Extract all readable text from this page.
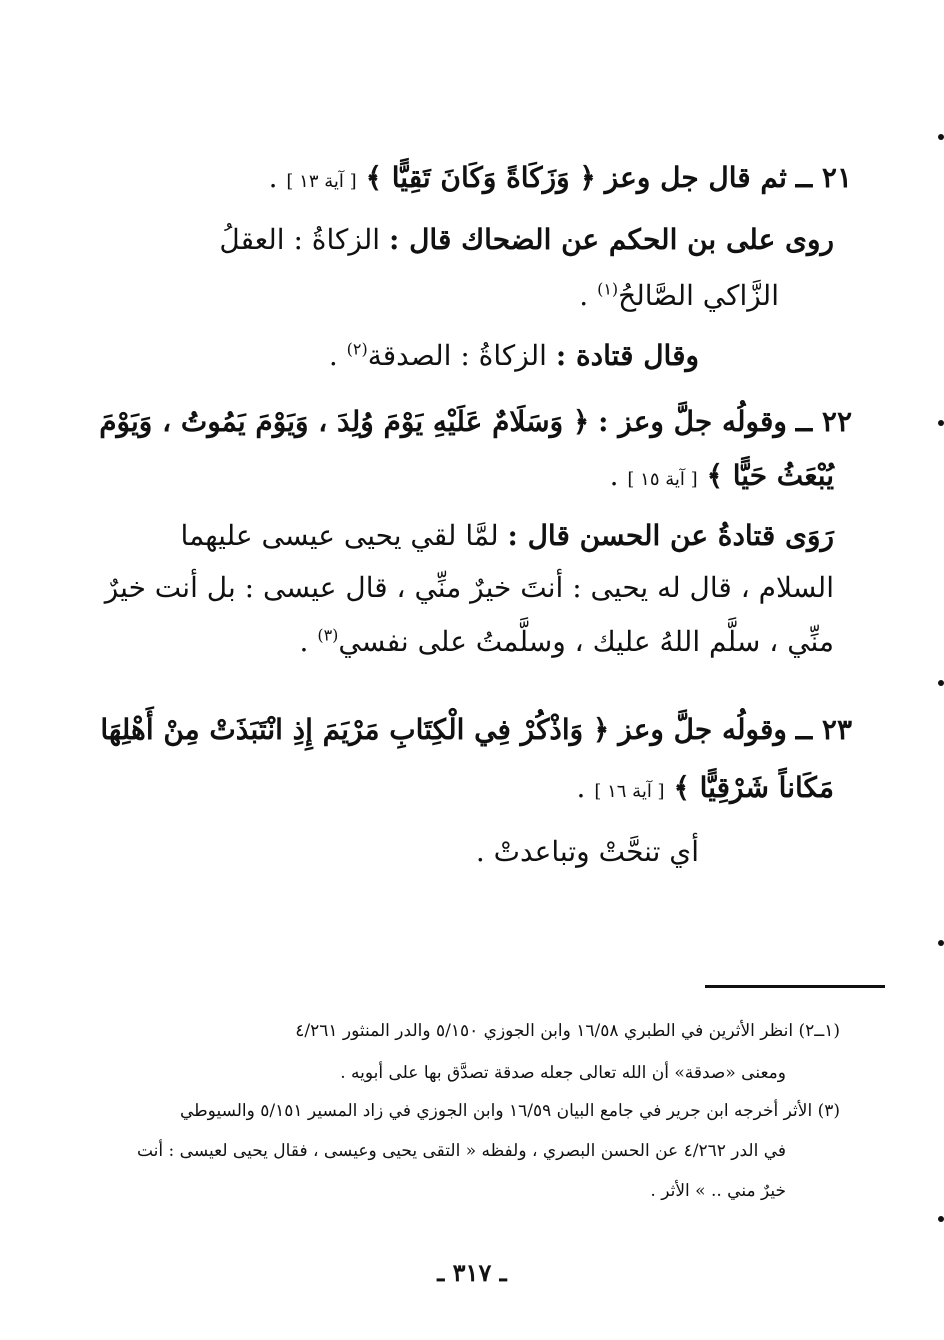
٢١ ــ ثم قال جل وعز ﴿ وَزَكَاةً وَكَانَ تَقِيًّا ﴾ [ آية ١٣ ] .
روى على بن الحكم عن الضحاك قال : الزكاةُ : العقلُ
الزَّاكي الصَّالحُ$^{(١)}$ .
وقال قتادة : الزكاةُ : الصدقة$^{(٢)}$ .
٢٢ ــ وقولُه جلَّ وعز : ﴿ وَسَلَامٌ عَلَيْهِ يَوْمَ وُلِدَ ، وَيَوْمَ يَمُوتُ ، وَيَوْمَ
يُبْعَثُ حَيًّا ﴾ [ آية ١٥ ] .
رَوَى قتادةُ عن الحسن قال : لمَّا لقي يحيى عيسى عليهما
السلام ، قال له يحيى : أنتَ خيرٌ منِّي ، قال عيسى : بل أنت خيرٌ
منِّي ، سلَّم اللهُ عليك ، وسلَّمتُ على نفسي$^{(٣)}$ .
٢٣ ــ وقولُه جلَّ وعز ﴿ وَاذْكُرْ فِي الْكِتَابِ مَرْيَمَ إِذِ انْتَبَذَتْ مِنْ أَهْلِهَا
مَكَاناً شَرْقِيًّا ﴾ [ آية ١٦ ] .
أي تنحَّتْ وتباعدتْ .
(١ــ٢) انظر الأثرين في الطبري ١٦/٥٨ وابن الجوزي ٥/١٥٠ والدر المنثور ٤/٢٦١
ومعنى «صدقة» أن الله تعالى جعله صدقة تصدَّق بها على أبويه .
(٣) الأثر أخرجه ابن جرير في جامع البيان ١٦/٥٩ وابن الجوزي في زاد المسير ٥/١٥١ والسيوطي
في الدر ٤/٢٦٢ عن الحسن البصري ، ولفظه « التقى يحيى وعيسى ، فقال يحيى لعيسى : أنت
خيرٌ مني .. » الأثر .
ـ ٣١٧ ـ
